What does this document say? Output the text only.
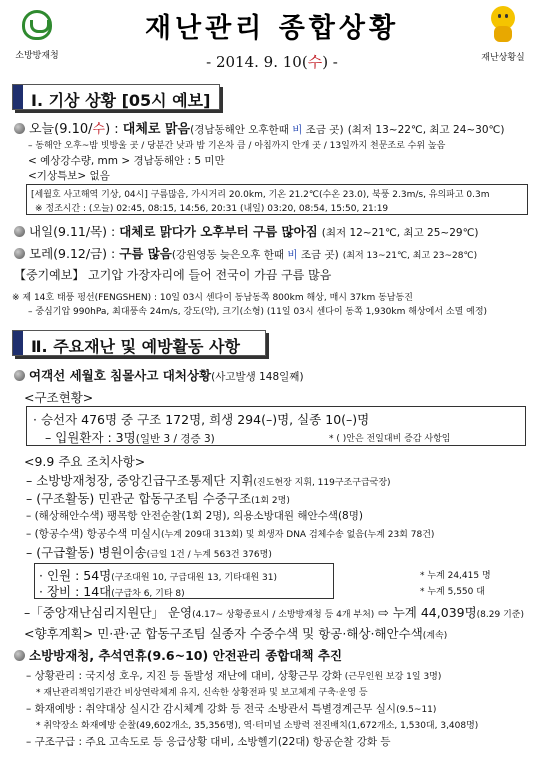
소방방재청
재난관리 종합상황
- 2014. 9. 10(수) -	재난상황실
Ⅰ. 기상 상황 [05시 예보]
오늘(9.10/수) : 대체로 맑음(경남동해안 오후한때 비 조금 곳) (최저 13~22℃, 최고 24~30℃)
– 동해안 오후~밤 빗방울 곳 / 당분간 낮과 밤 기온차 큼 / 아침까지 안개 곳 / 13일까지 천문조로 수위 높음
< 예상강수량, mm > 경남동해안 : 5 미만
<기상특보> 없음
[세월호 사고해역 기상, 04시] 구름많음, 가시거리 20.0km, 기온 21.2℃(수온 23.0), 북풍 2.3m/s, 유의파고 0.3m
※ 정조시간 : (오늘) 02:45, 08:15, 14:56, 20:31 (내일) 03:20, 08:54, 15:50, 21:19
내일(9.11/목) : 대체로 맑다가 오후부터 구름 많아짐 (최저 12~21℃, 최고 25~29℃)
모레(9.12/금) : 구름 많음(강원영동 늦은오후 한때 비 조금 곳) (최저 13~21℃, 최고 23~28℃)
【중기예보】 고기압 가장자리에 들어 전국이 가끔 구름 많음
※ 제 14호 태풍 펑선(FENGSHEN) : 10일 03시 센다이 동남동쪽 800km 해상, 매시 37km 동남동진
– 중심기압 990hPa, 최대풍속 24m/s, 강도(약), 크기(소형) (11일 03시 센다이 동쪽 1,930km 해상에서 소멸 예정)
Ⅱ. 주요재난 및 예방활동 사항
여객선 세월호 침몰사고 대처상황(사고발생 148일째)
<구조현황>
· 승선자 476명 중 구조 172명, 희생 294(–)명, 실종 10(–)명
– 입원환자 : 3명(일반 3 / 경증 3)	* ( )안은 전일대비 증감 사항임
<9.9 주요 조치사항>
– 소방방재청장, 중앙긴급구조통제단 지휘(진도현장 지휘, 119구조구급국장)
– (구조활동) 민관군 합동구조팀 수중구조(1회 2명)
– (해상해안수색) 팽목항 안전순찰(1회 2명), 의용소방대원 해안수색(8명)
– (항공수색) 항공수색 미실시(누계 209대 313회) 및 희생자 DNA 검체수송 없음(누계 23회 78건)
– (구급활동) 병원이송(금일 1건 / 누계 563건 376명)
· 인원 : 54명(구조대원 10, 구급대원 13, 기타대원 31)
· 장비 : 14대(구급차 6, 기타 8)
* 누계 24,415 명
* 누계 5,550 대
–「중앙재난심리지원단」 운영(4.17~ 상황종료시 / 소방방재청 등 4개 부처) ⇨ 누계 44,039명(8.29 기준)
<향후계획> 민·관·군 합동구조팀 실종자 수중수색 및 항공·해상·해안수색(계속)
소방방재청, 추석연휴(9.6~10) 안전관리 종합대책 추진
– 상황관리 : 국지성 호우, 지진 등 돌발성 재난에 대비, 상황근무 강화 (근무인원 보강 1일 3명)
* 재난관리책임기관간 비상연락체계 유지, 신속한 상황전파 및 보고체계 구축·운영 등
– 화재예방 : 취약대상 실시간 감시체계 강화 등 전국 소방관서 특별경계근무 실시(9.5~11)
* 취약장소 화재예방 순찰(49,602개소, 35,356명), 역·터미널 소방력 전진배치(1,672개소, 1,530대, 3,408명)
– 구조구급 : 주요 고속도로 등 응급상황 대비, 소방헬기(22대) 항공순찰 강화 등
